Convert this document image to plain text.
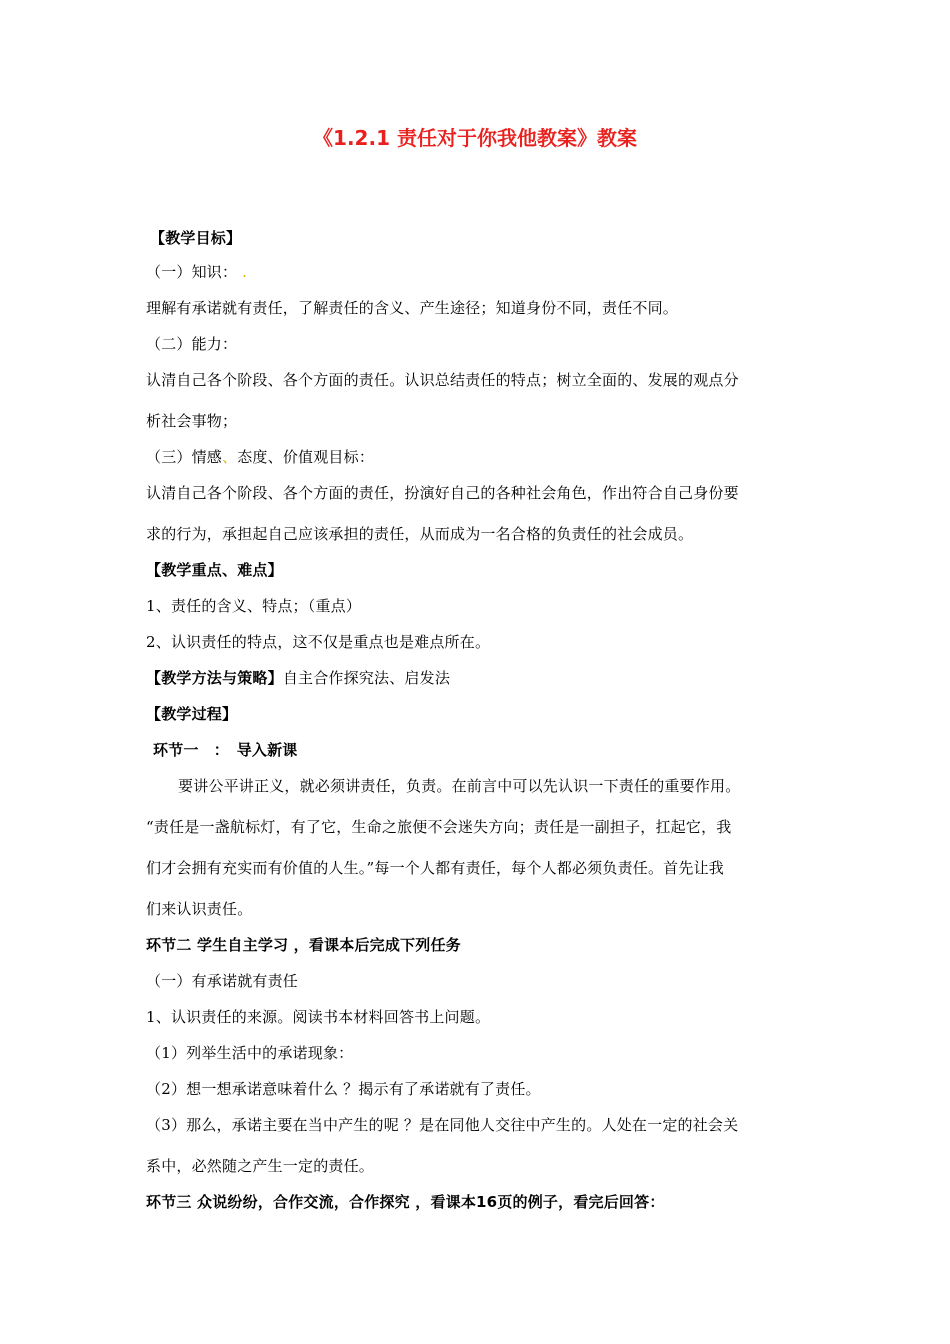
《1.2.1 责任对于你我他教案》教案
【教学目标】
（一）知识： .
理解有承诺就有责任，了解责任的含义、产生途径；知道身份不同，责任不同。
（二）能力：
认清自己各个阶段、各个方面的责任。认识总结责任的特点；树立全面的、发展的观点分
析社会事物；
（三）情感、态度、价值观目标：
认清自己各个阶段、各个方面的责任，扮演好自己的各种社会角色，作出符合自己身份要
求的行为，承担起自己应该承担的责任，从而成为一名合格的负责任的社会成员。
【教学重点、难点】
1、责任的含义、特点；（重点）
2、认识责任的特点，这不仅是重点也是难点所在。
【教学方法与策略】自主合作探究法、启发法
【教学过程】
环节一　：　导入新课
要讲公平讲正义，就必须讲责任，负责。在前言中可以先认识一下责任的重要作用。
“责任是一盏航标灯，有了它，生命之旅便不会迷失方向；责任是一副担子，扛起它，我
们才会拥有充实而有价值的人生。”每一个人都有责任，每个人都必须负责任。首先让我
们来认识责任。
环节二 学生自主学习 ，看课本后完成下列任务
（一）有承诺就有责任
1、认识责任的来源。阅读书本材料回答书上问题。
（1）列举生活中的承诺现象：
（2）想一想承诺意味着什么 ？揭示有了承诺就有了责任。
（3）那么，承诺主要在当中产生的呢 ？是在同他人交往中产生的。人处在一定的社会关
系中，必然随之产生一定的责任。
环节三 众说纷纷，合作交流，合作探究 ，看课本16页的例子，看完后回答：
